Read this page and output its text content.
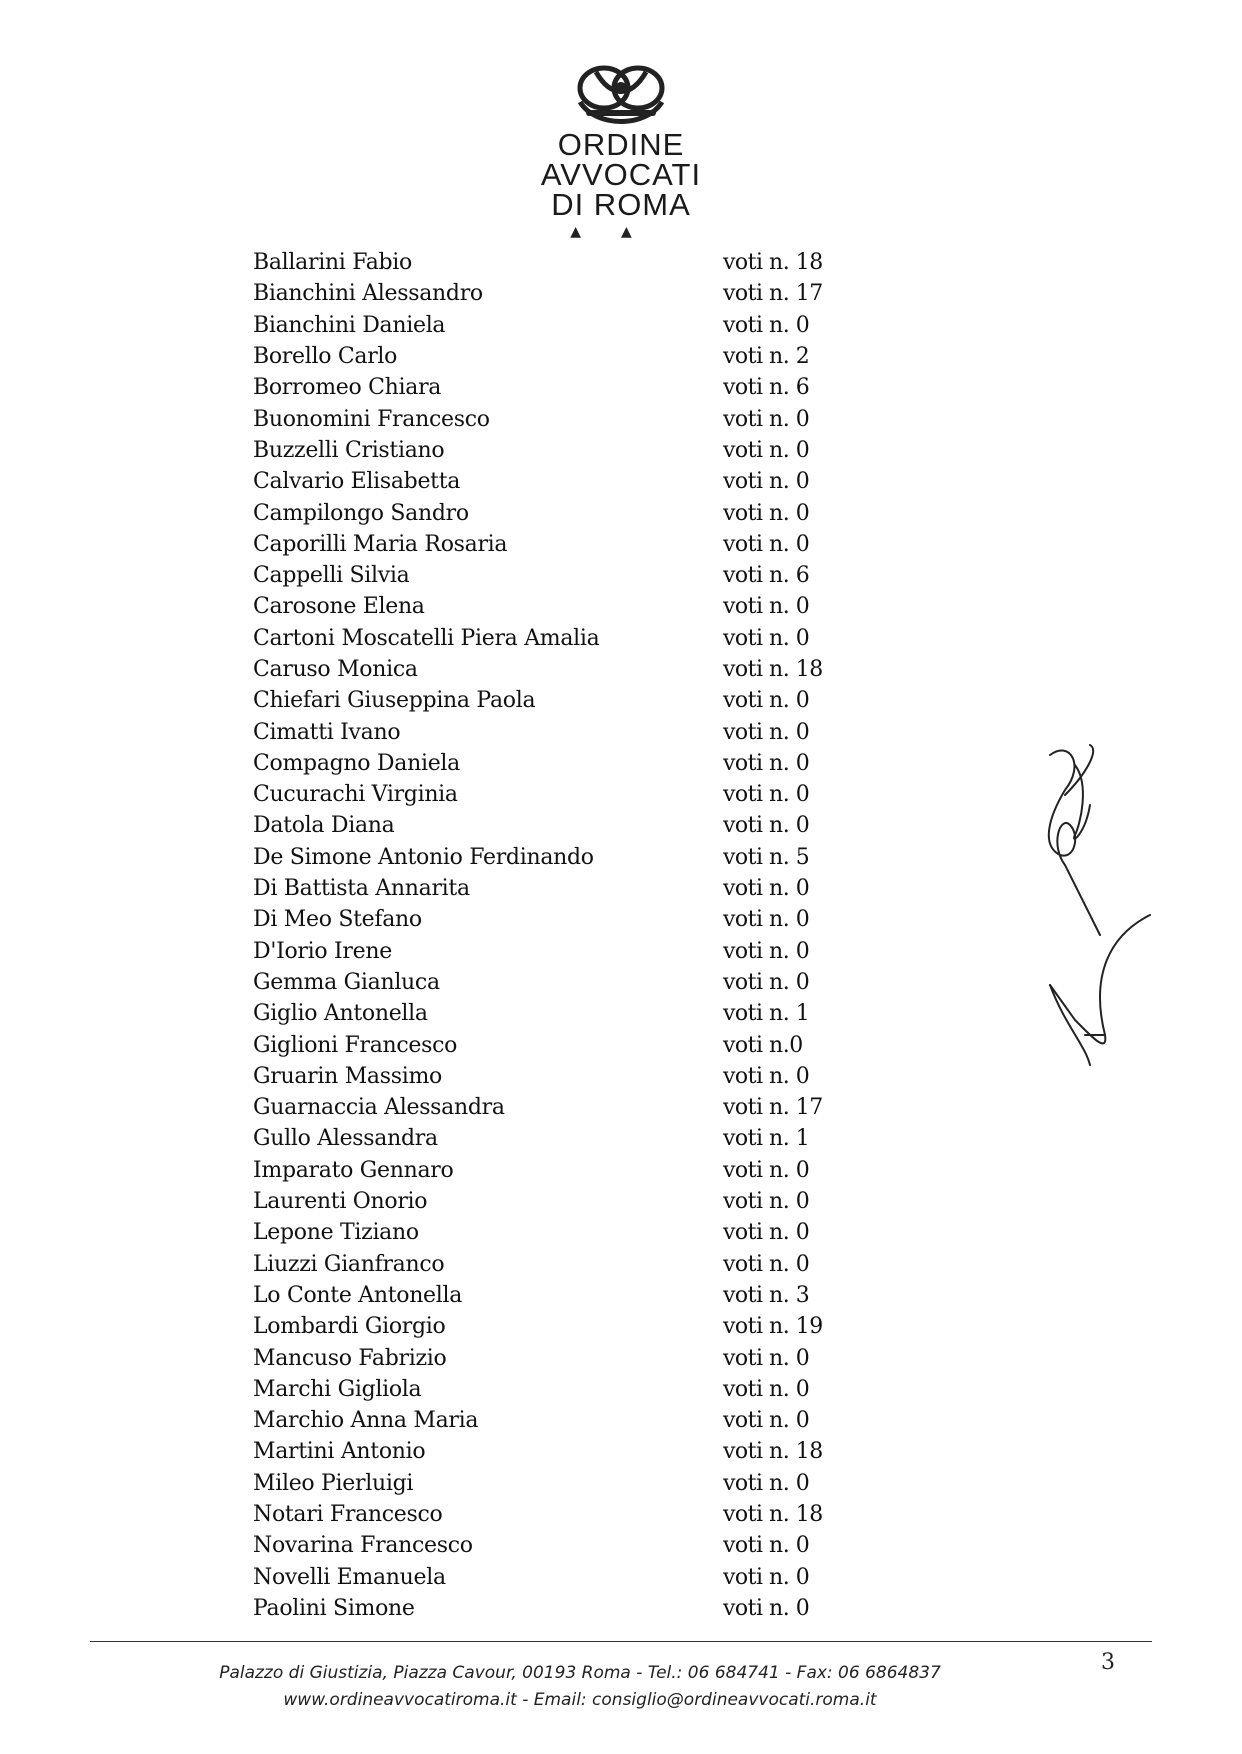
ORDINE
AVVOCATI
DI ROMA
▲▲
Ballarini Fabio	voti n. 18
Bianchini Alessandro	voti n. 17
Bianchini Daniela	voti n. 0
Borello Carlo	voti n. 2
Borromeo Chiara	voti n. 6
Buonomini Francesco	voti n. 0
Buzzelli Cristiano	voti n. 0
Calvario Elisabetta	voti n. 0
Campilongo Sandro	voti n. 0
Caporilli Maria Rosaria	voti n. 0
Cappelli Silvia	voti n. 6
Carosone Elena	voti n. 0
Cartoni Moscatelli Piera Amalia	voti n. 0
Caruso Monica	voti n. 18
Chiefari Giuseppina Paola	voti n. 0
Cimatti Ivano	voti n. 0
Compagno Daniela	voti n. 0
Cucurachi Virginia	voti n. 0
Datola Diana	voti n. 0
De Simone Antonio Ferdinando	voti n. 5
Di Battista Annarita	voti n. 0
Di Meo Stefano	voti n. 0
D'Iorio Irene	voti n. 0
Gemma Gianluca	voti n. 0
Giglio Antonella	voti n. 1
Giglioni Francesco	voti n.0
Gruarin Massimo	voti n. 0
Guarnaccia Alessandra	voti n. 17
Gullo Alessandra	voti n. 1
Imparato Gennaro	voti n. 0
Laurenti Onorio	voti n. 0
Lepone Tiziano	voti n. 0
Liuzzi Gianfranco	voti n. 0
Lo Conte Antonella	voti n. 3
Lombardi Giorgio	voti n. 19
Mancuso Fabrizio	voti n. 0
Marchi Gigliola	voti n. 0
Marchio Anna Maria	voti n. 0
Martini Antonio	voti n. 18
Mileo Pierluigi	voti n. 0
Notari Francesco	voti n. 18
Novarina Francesco	voti n. 0
Novelli Emanuela	voti n. 0
Paolini Simone	voti n. 0
Palazzo di Giustizia, Piazza Cavour, 00193 Roma - Tel.: 06 684741 - Fax: 06 6864837
www.ordineavvocatiroma.it - Email: consiglio@ordineavvocati.roma.it
3
